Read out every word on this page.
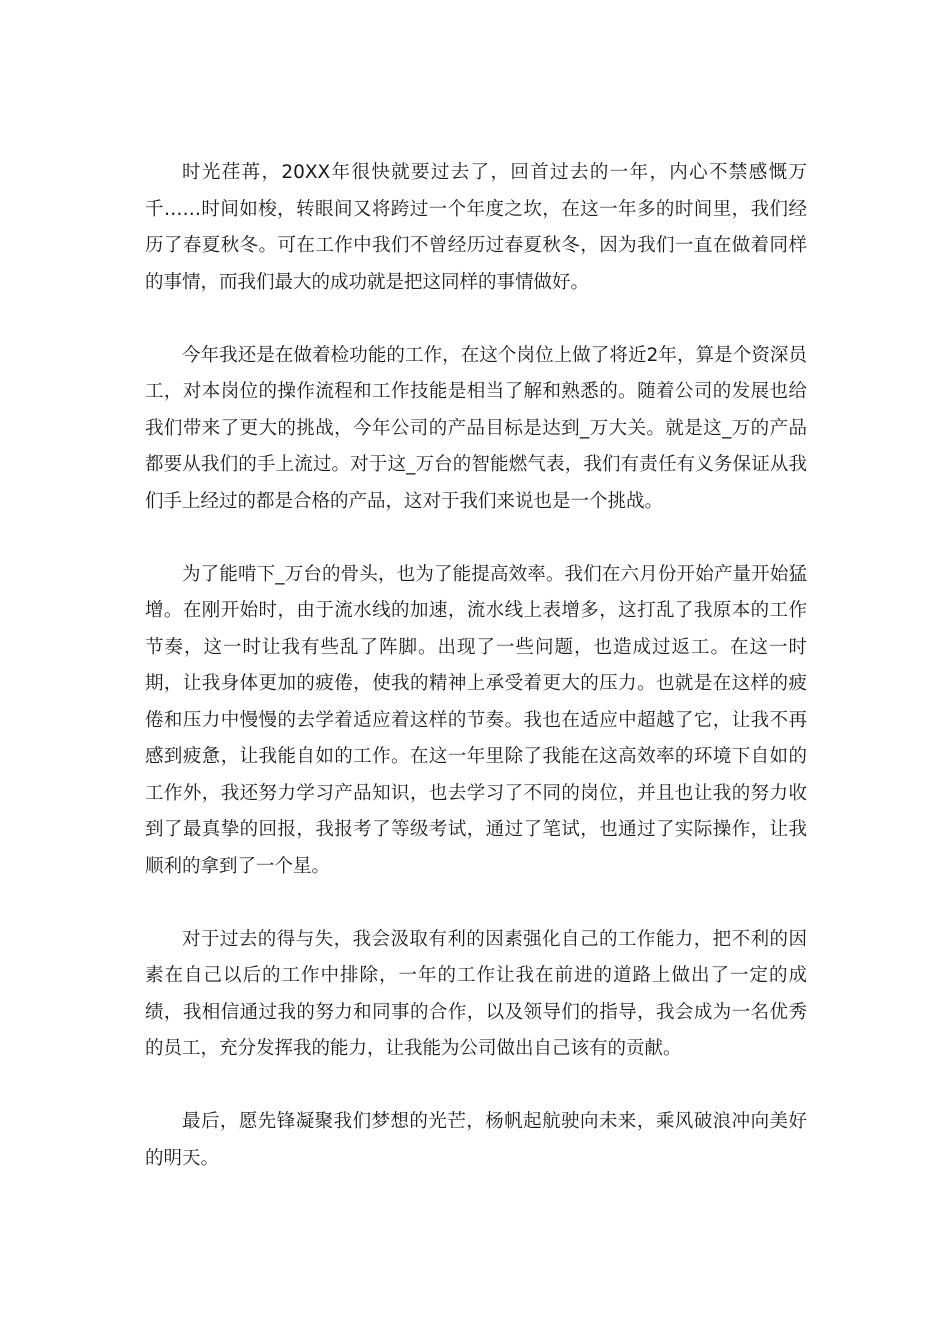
时光荏苒，20XX年很快就要过去了，回首过去的一年，内心不禁感慨万千……时间如梭，转眼间又将跨过一个年度之坎，在这一年多的时间里，我们经历了春夏秋冬。可在工作中我们不曾经历过春夏秋冬，因为我们一直在做着同样的事情，而我们最大的成功就是把这同样的事情做好。

今年我还是在做着检功能的工作，在这个岗位上做了将近2年，算是个资深员工，对本岗位的操作流程和工作技能是相当了解和熟悉的。随着公司的发展也给我们带来了更大的挑战，今年公司的产品目标是达到_万大关。就是这_万的产品都要从我们的手上流过。对于这_万台的智能燃气表，我们有责任有义务保证从我们手上经过的都是合格的产品，这对于我们来说也是一个挑战。

为了能啃下_万台的骨头，也为了能提高效率。我们在六月份开始产量开始猛增。在刚开始时，由于流水线的加速，流水线上表增多，这打乱了我原本的工作节奏，这一时让我有些乱了阵脚。出现了一些问题，也造成过返工。在这一时期，让我身体更加的疲倦，使我的精神上承受着更大的压力。也就是在这样的疲倦和压力中慢慢的去学着适应着这样的节奏。我也在适应中超越了它，让我不再感到疲惫，让我能自如的工作。在这一年里除了我能在这高效率的环境下自如的工作外，我还努力学习产品知识，也去学习了不同的岗位，并且也让我的努力收到了最真挚的回报，我报考了等级考试，通过了笔试，也通过了实际操作，让我顺利的拿到了一个星。

对于过去的得与失，我会汲取有利的因素强化自己的工作能力，把不利的因素在自己以后的工作中排除，一年的工作让我在前进的道路上做出了一定的成绩，我相信通过我的努力和同事的合作，以及领导们的指导，我会成为一名优秀的员工，充分发挥我的能力，让我能为公司做出自己该有的贡献。

最后，愿先锋凝聚我们梦想的光芒，杨帆起航驶向未来，乘风破浪冲向美好的明天。
